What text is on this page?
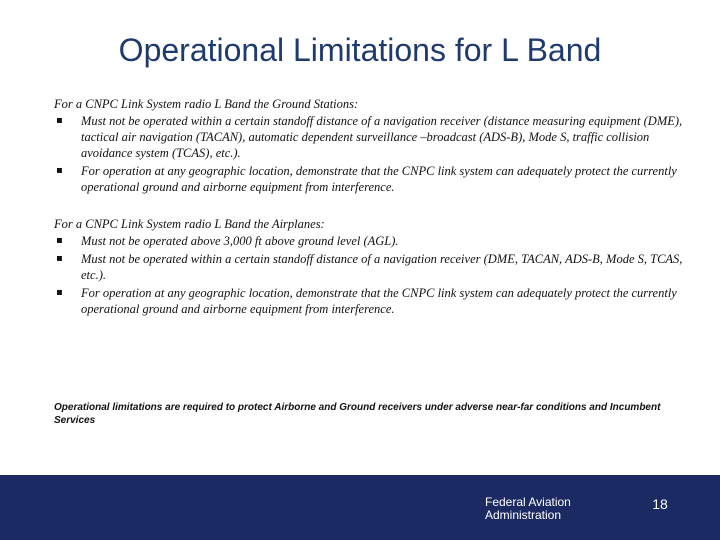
Operational Limitations for L Band

For a CNPC Link System radio L Band the Ground Stations:

▪ Must not be operated within a certain standoff distance of a navigation receiver (distance measuring equipment (DME), tactical air navigation (TACAN), automatic dependent surveillance –broadcast (ADS-B), Mode S, traffic collision avoidance system (TCAS), etc.).
▪ For operation at any geographic location, demonstrate that the CNPC link system can adequately protect the currently operational ground and airborne equipment from interference.

For a CNPC Link System radio L Band the Airplanes:

▪ Must not be operated above 3,000 ft above ground level (AGL).
▪ Must not be operated within a certain standoff distance of a navigation receiver (DME, TACAN, ADS-B, Mode S, TCAS, etc.).
▪ For operation at any geographic location, demonstrate that the CNPC link system can adequately protect the currently operational ground and airborne equipment from interference.
Operational limitations are required to protect Airborne and Ground receivers under adverse near-far conditions and Incumbent Services
Federal Aviation
Administration
18
